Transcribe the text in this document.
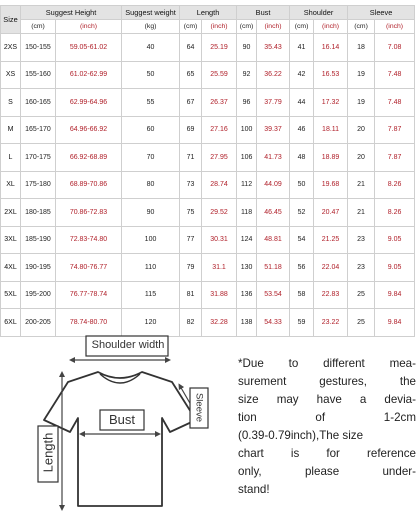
Size	Suggest Height		Suggest weight	Length		Bust		Shoulder		Sleeve	
	(cm)	(inch)	(kg)	(cm)	(inch)	(cm)	(inch)	(cm)	(inch)	(cm)	(inch)
2XS	150-155	59.05-61.02	40	64	25.19	90	35.43	41	16.14	18	7.08
XS	155-160	61.02-62.99	50	65	25.59	92	36.22	42	16.53	19	7.48
S	160-165	62.99-64.96	55	67	26.37	96	37.79	44	17.32	19	7.48
M	165-170	64.96-66.92	60	69	27.16	100	39.37	46	18.11	20	7.87
L	170-175	66.92-68.89	70	71	27.95	106	41.73	48	18.89	20	7.87
XL	175-180	68.89-70.86	80	73	28.74	112	44.09	50	19.68	21	8.26
2XL	180-185	70.86-72.83	90	75	29.52	118	46.45	52	20.47	21	8.26
3XL	185-190	72.83-74.80	100	77	30.31	124	48.81	54	21.25	23	9.05
4XL	190-195	74.80-76.77	110	79	31.1	130	51.18	56	22.04	23	9.05
5XL	195-200	76.77-78.74	115	81	31.88	136	53.54	58	22.83	25	9.84
6XL	200-205	78.74-80.70	120	82	32.28	138	54.33	59	23.22	25	9.84
Shoulder width
Bust
Length
Sleeve
*Due to different mea-
surement gestures, the
size may have a devia-
tion of 1-2cm
(0.39-0.79inch),The size
chart is for reference
only, please under-
stand!
